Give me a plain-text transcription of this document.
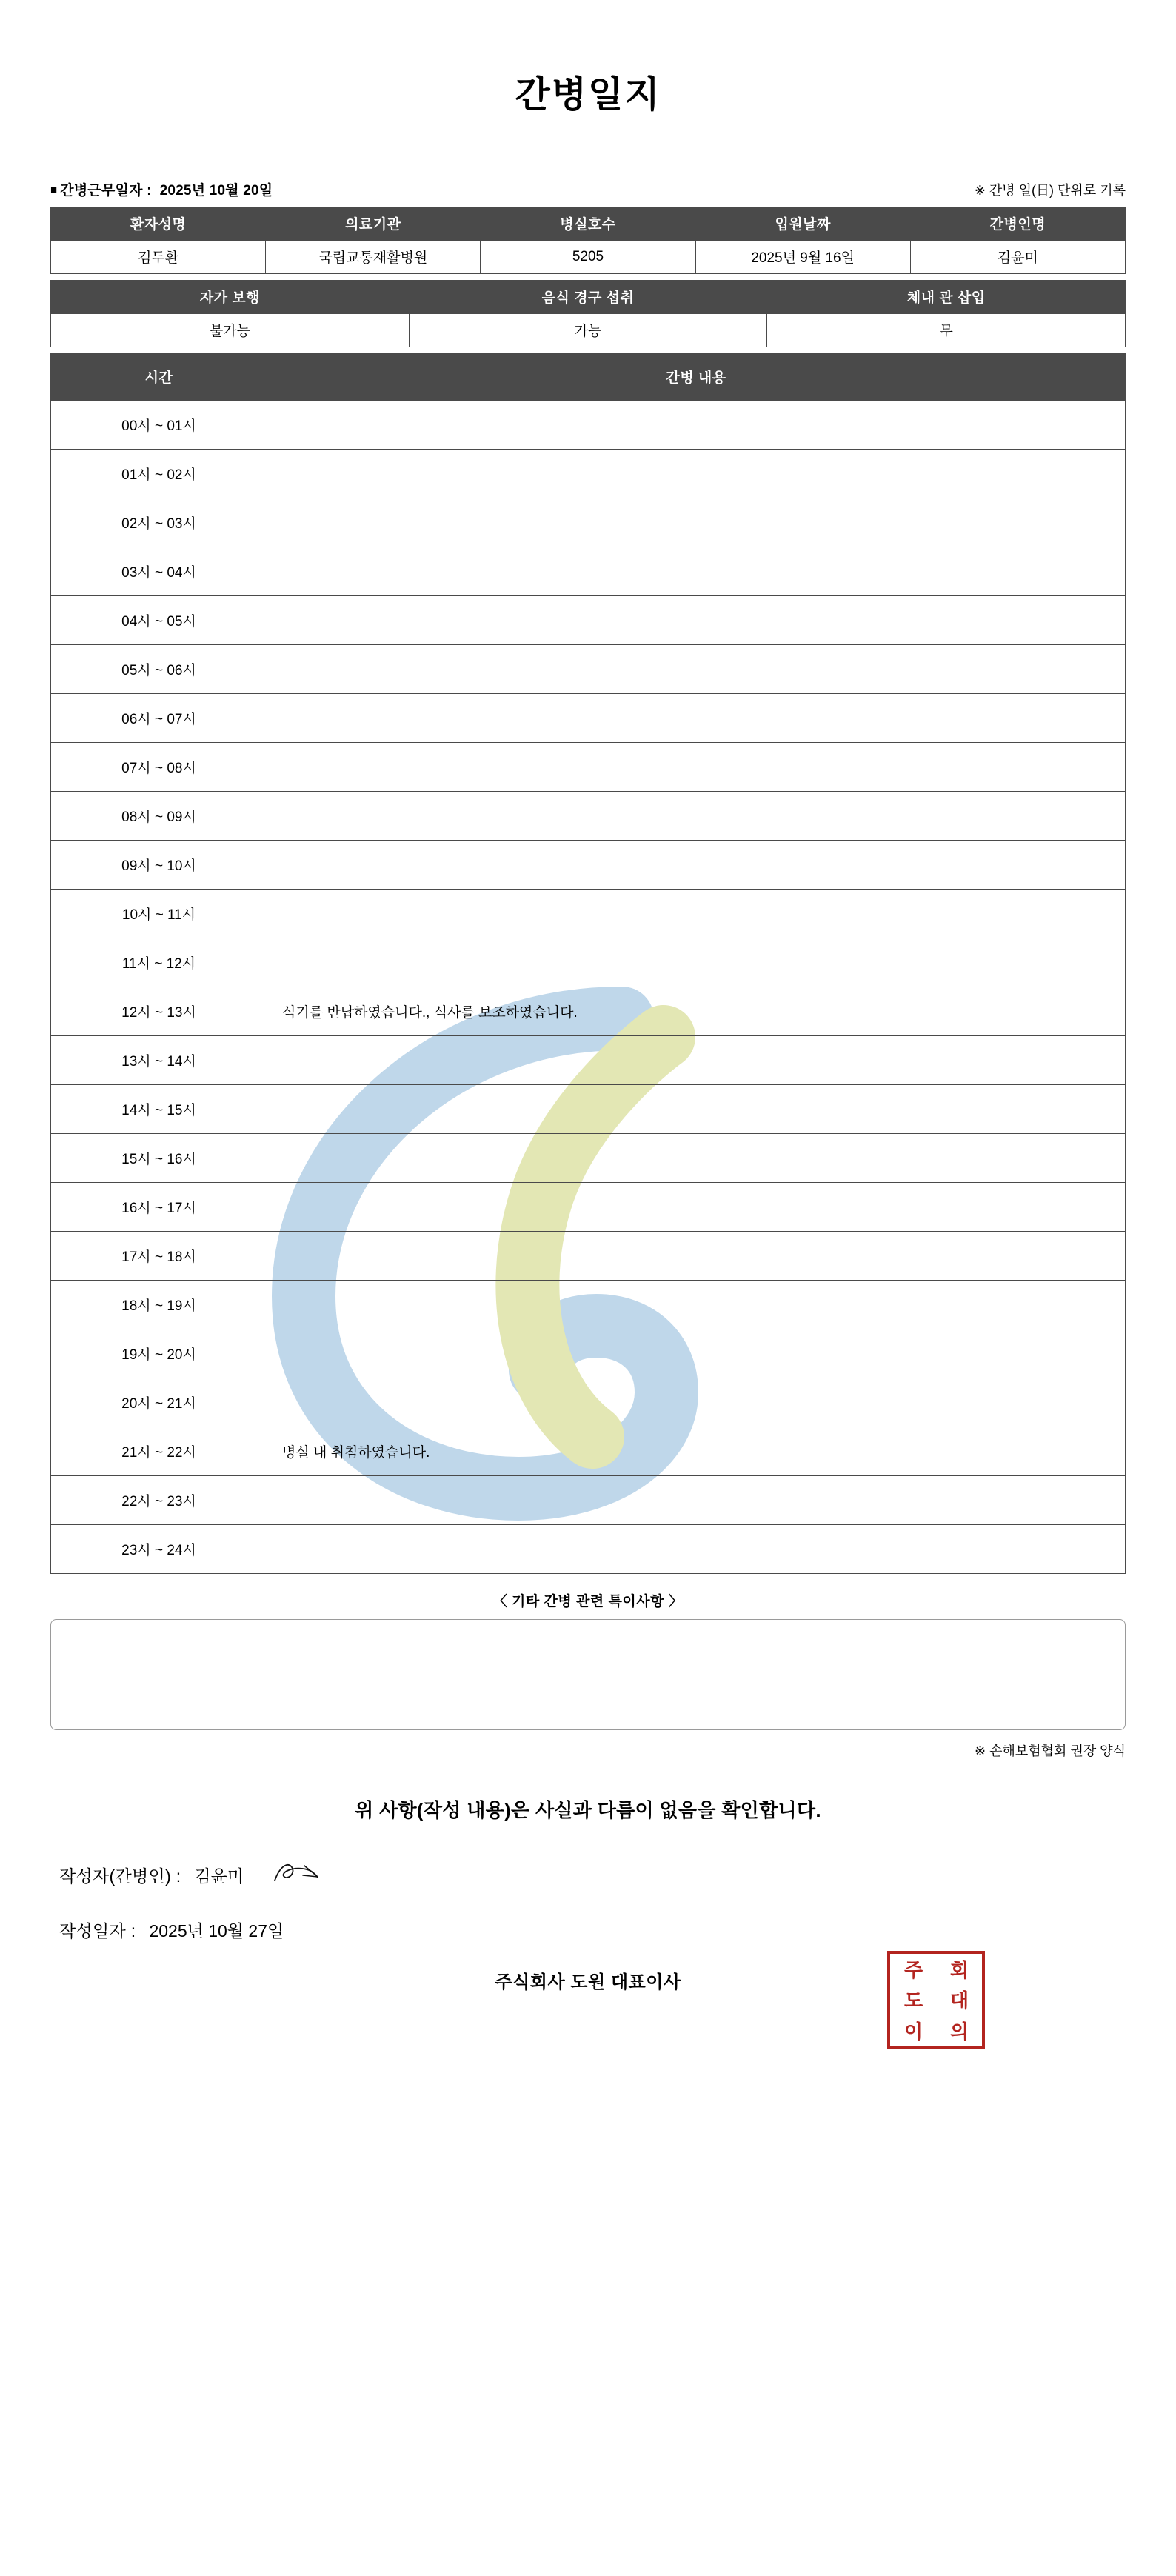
간병일지
■ 간병근무일자 : 2025년 10월 20일	※ 간병 일(日) 단위로 기록
환자성명	의료기관	병실호수	입원날짜	간병인명
김두환	국립교통재활병원	5205	2025년 9월 16일	김윤미
자가 보행	음식 경구 섭취	체내 관 삽입
불가능	가능	무
시간	간병 내용
00시 ~ 01시	
01시 ~ 02시	
02시 ~ 03시	
03시 ~ 04시	
04시 ~ 05시	
05시 ~ 06시	
06시 ~ 07시	
07시 ~ 08시	
08시 ~ 09시	
09시 ~ 10시	
10시 ~ 11시	
11시 ~ 12시	
12시 ~ 13시	식기를 반납하였습니다., 식사를 보조하였습니다.
13시 ~ 14시	
14시 ~ 15시	
15시 ~ 16시	
16시 ~ 17시	
17시 ~ 18시	
18시 ~ 19시	
19시 ~ 20시	
20시 ~ 21시	
21시 ~ 22시	병실 내 취침하였습니다.
22시 ~ 23시	
23시 ~ 24시	
〈 기타 간병 관련 특이사항 〉
※ 손해보험협회 권장 양식
위 사항(작성 내용)은 사실과 다름이 없음을 확인합니다.
작성자(간병인) : 김윤미
작성일자 : 2025년 10월 27일
주식회사 도원 대표이사
주	회
도	대
이	의
